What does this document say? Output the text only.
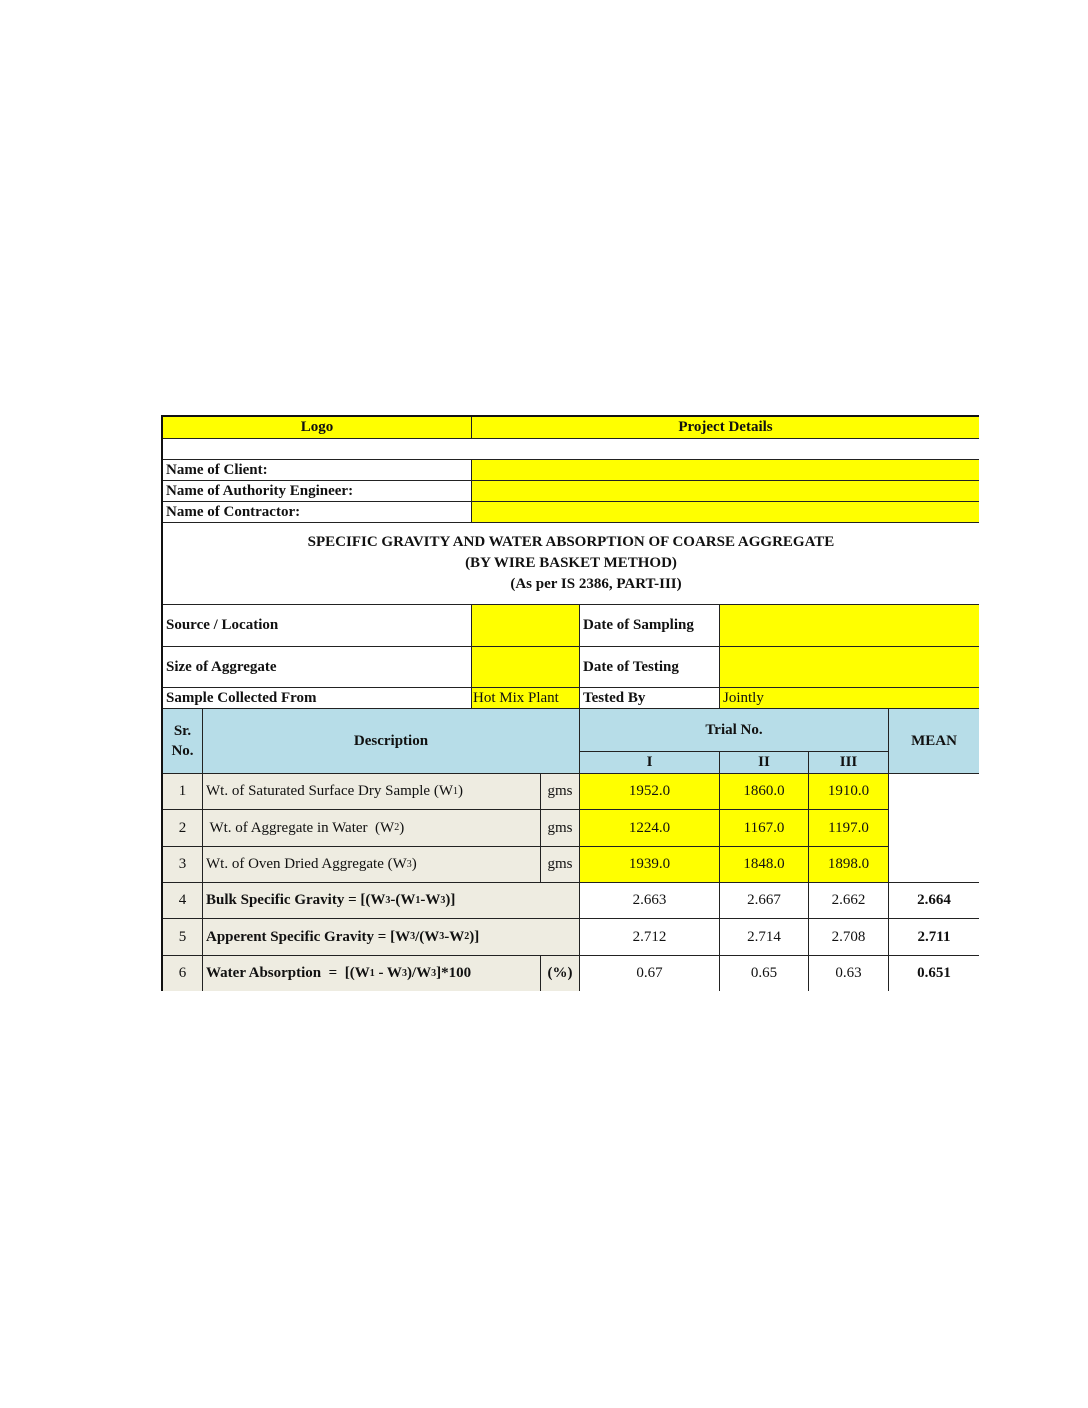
Logo	Project Details
Name of Client:
Name of Authority Engineer:
Name of Contractor:
SPECIFIC GRAVITY AND WATER ABSORPTION OF COARSE AGGREGATE
(BY WIRE BASKET METHOD)
(As per IS 2386, PART-III)
Source / Location	Date of Sampling
Size of Aggregate	Date of Testing
Sample Collected From	Hot Mix Plant	Tested By	Jointly
Sr.
No.
Description
Trial No.
MEAN
I	II	III
1	Wt. of Saturated Surface Dry Sample (W 1 )	gms	1952.0	1860.0	1910.0
2	Wt. of Aggregate in Water  (W 2 )	gms	1224.0	1167.0	1197.0
3	Wt. of Oven Dried Aggregate (W 3 )	gms	1939.0	1848.0	1898.0
4	Bulk Specific Gravity = [(W 3 -(W 1 -W 3 )]	2.663	2.667	2.662	2.664
5	Apperent Specific Gravity = [W 3 /(W 3 -W 2 )]	2.712	2.714	2.708	2.711
6	Water Absorption  =  [(W 1 - W 3 )/W 3 ]*100	(%)	0.67	0.65	0.63	0.651
